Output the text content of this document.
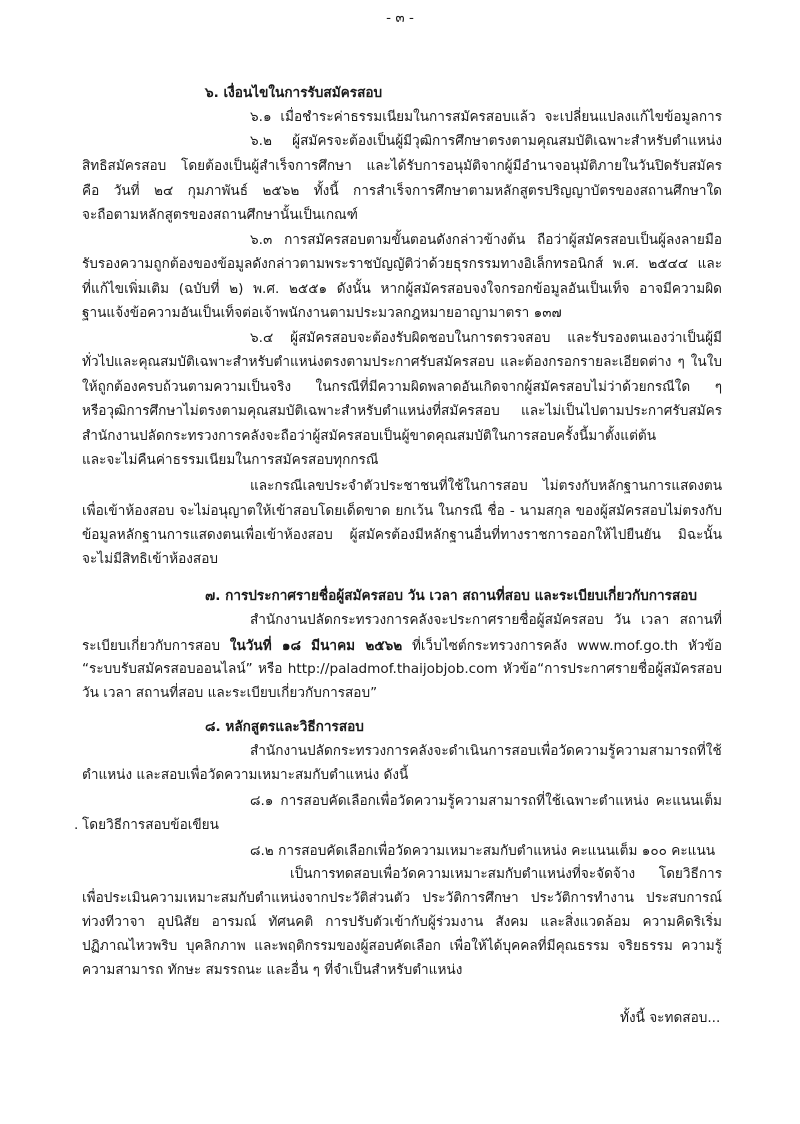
- ๓ -
๖. เงื่อนไขในการรับสมัครสอบ
๖.๑ เมื่อชำระค่าธรรมเนียมในการสมัครสอบแล้ว จะเปลี่ยนแปลงแก้ไขข้อมูลการ
๖.๒ ผู้สมัครจะต้องเป็นผู้มีวุฒิการศึกษาตรงตามคุณสมบัติเฉพาะสำหรับตำแหน่ง
สิทธิสมัครสอบ โดยต้องเป็นผู้สำเร็จการศึกษา และได้รับการอนุมัติจากผู้มีอำนาจอนุมัติภายในวันปิดรับสมัคร
คือ วันที่ ๒๔ กุมภาพันธ์ ๒๕๖๒ ทั้งนี้ การสำเร็จการศึกษาตามหลักสูตรปริญญาบัตรของสถานศึกษาใด
จะถือตามหลักสูตรของสถานศึกษานั้นเป็นเกณฑ์
๖.๓ การสมัครสอบตามขั้นตอนดังกล่าวข้างต้น ถือว่าผู้สมัครสอบเป็นผู้ลงลายมือ
รับรองความถูกต้องของข้อมูลดังกล่าวตามพระราชบัญญัติว่าด้วยธุรกรรมทางอิเล็กทรอนิกส์ พ.ศ. ๒๕๔๔ และ
ที่แก้ไขเพิ่มเติม (ฉบับที่ ๒) พ.ศ. ๒๕๕๑ ดังนั้น หากผู้สมัครสอบจงใจกรอกข้อมูลอันเป็นเท็จ อาจมีความผิด
ฐานแจ้งข้อความอันเป็นเท็จต่อเจ้าพนักงานตามประมวลกฎหมายอาญามาตรา ๑๓๗
๖.๔ ผู้สมัครสอบจะต้องรับผิดชอบในการตรวจสอบ และรับรองตนเองว่าเป็นผู้มี
ทั่วไปและคุณสมบัติเฉพาะสำหรับตำแหน่งตรงตามประกาศรับสมัครสอบ และต้องกรอกรายละเอียดต่าง ๆ ในใบ
ให้ถูกต้องครบถ้วนตามความเป็นจริง ในกรณีที่มีความผิดพลาดอันเกิดจากผู้สมัครสอบไม่ว่าด้วยกรณีใด ๆ
หรือวุฒิการศึกษาไม่ตรงตามคุณสมบัติเฉพาะสำหรับตำแหน่งที่สมัครสอบ และไม่เป็นไปตามประกาศรับสมัคร
สำนักงานปลัดกระทรวงการคลังจะถือว่าผู้สมัครสอบเป็นผู้ขาดคุณสมบัติในการสอบครั้งนี้มาตั้งแต่ต้น
และจะไม่คืนค่าธรรมเนียมในการสมัครสอบทุกกรณี
และกรณีเลขประจำตัวประชาชนที่ใช้ในการสอบ ไม่ตรงกับหลักฐานการแสดงตน
เพื่อเข้าห้องสอบ จะไม่อนุญาตให้เข้าสอบโดยเด็ดขาด ยกเว้น ในกรณี ชื่อ - นามสกุล ของผู้สมัครสอบไม่ตรงกับ
ข้อมูลหลักฐานการแสดงตนเพื่อเข้าห้องสอบ ผู้สมัครต้องมีหลักฐานอื่นที่ทางราชการออกให้ไปยืนยัน มิฉะนั้น
จะไม่มีสิทธิเข้าห้องสอบ
๗. การประกาศรายชื่อผู้สมัครสอบ วัน เวลา สถานที่สอบ และระเบียบเกี่ยวกับการสอบ
สำนักงานปลัดกระทรวงการคลังจะประกาศรายชื่อผู้สมัครสอบ วัน เวลา สถานที่
ระเบียบเกี่ยวกับการสอบ ในวันที่ ๑๘ มีนาคม ๒๕๖๒ ที่เว็บไซต์กระทรวงการคลัง www.mof.go.th หัวข้อ
“ระบบรับสมัครสอบออนไลน์” หรือ http://paladmof.thaijobjob.com หัวข้อ“การประกาศรายชื่อผู้สมัครสอบ
วัน เวลา สถานที่สอบ และระเบียบเกี่ยวกับการสอบ”
๘. หลักสูตรและวิธีการสอบ
สำนักงานปลัดกระทรวงการคลังจะดำเนินการสอบเพื่อวัดความรู้ความสามารถที่ใช้
ตำแหน่ง และสอบเพื่อวัดความเหมาะสมกับตำแหน่ง ดังนี้
๘.๑ การสอบคัดเลือกเพื่อวัดความรู้ความสามารถที่ใช้เฉพาะตำแหน่ง คะแนนเต็ม
. โดยวิธีการสอบข้อเขียน
๘.๒ การสอบคัดเลือกเพื่อวัดความเหมาะสมกับตำแหน่ง คะแนนเต็ม ๑๐๐ คะแนน
เป็นการทดสอบเพื่อวัดความเหมาะสมกับตำแหน่งที่จะจัดจ้าง โดยวิธีการ
เพื่อประเมินความเหมาะสมกับตำแหน่งจากประวัติส่วนตัว ประวัติการศึกษา ประวัติการทำงาน ประสบการณ์
ท่วงทีวาจา อุปนิสัย อารมณ์ ทัศนคติ การปรับตัวเข้ากับผู้ร่วมงาน สังคม และสิ่งแวดล้อม ความคิดริเริ่ม
ปฏิภาณไหวพริบ บุคลิกภาพ และพฤติกรรมของผู้สอบคัดเลือก เพื่อให้ได้บุคคลที่มีคุณธรรม จริยธรรม ความรู้
ความสามารถ ทักษะ สมรรถนะ และอื่น ๆ ที่จำเป็นสำหรับตำแหน่ง
ทั้งนี้ จะทดสอบ...
